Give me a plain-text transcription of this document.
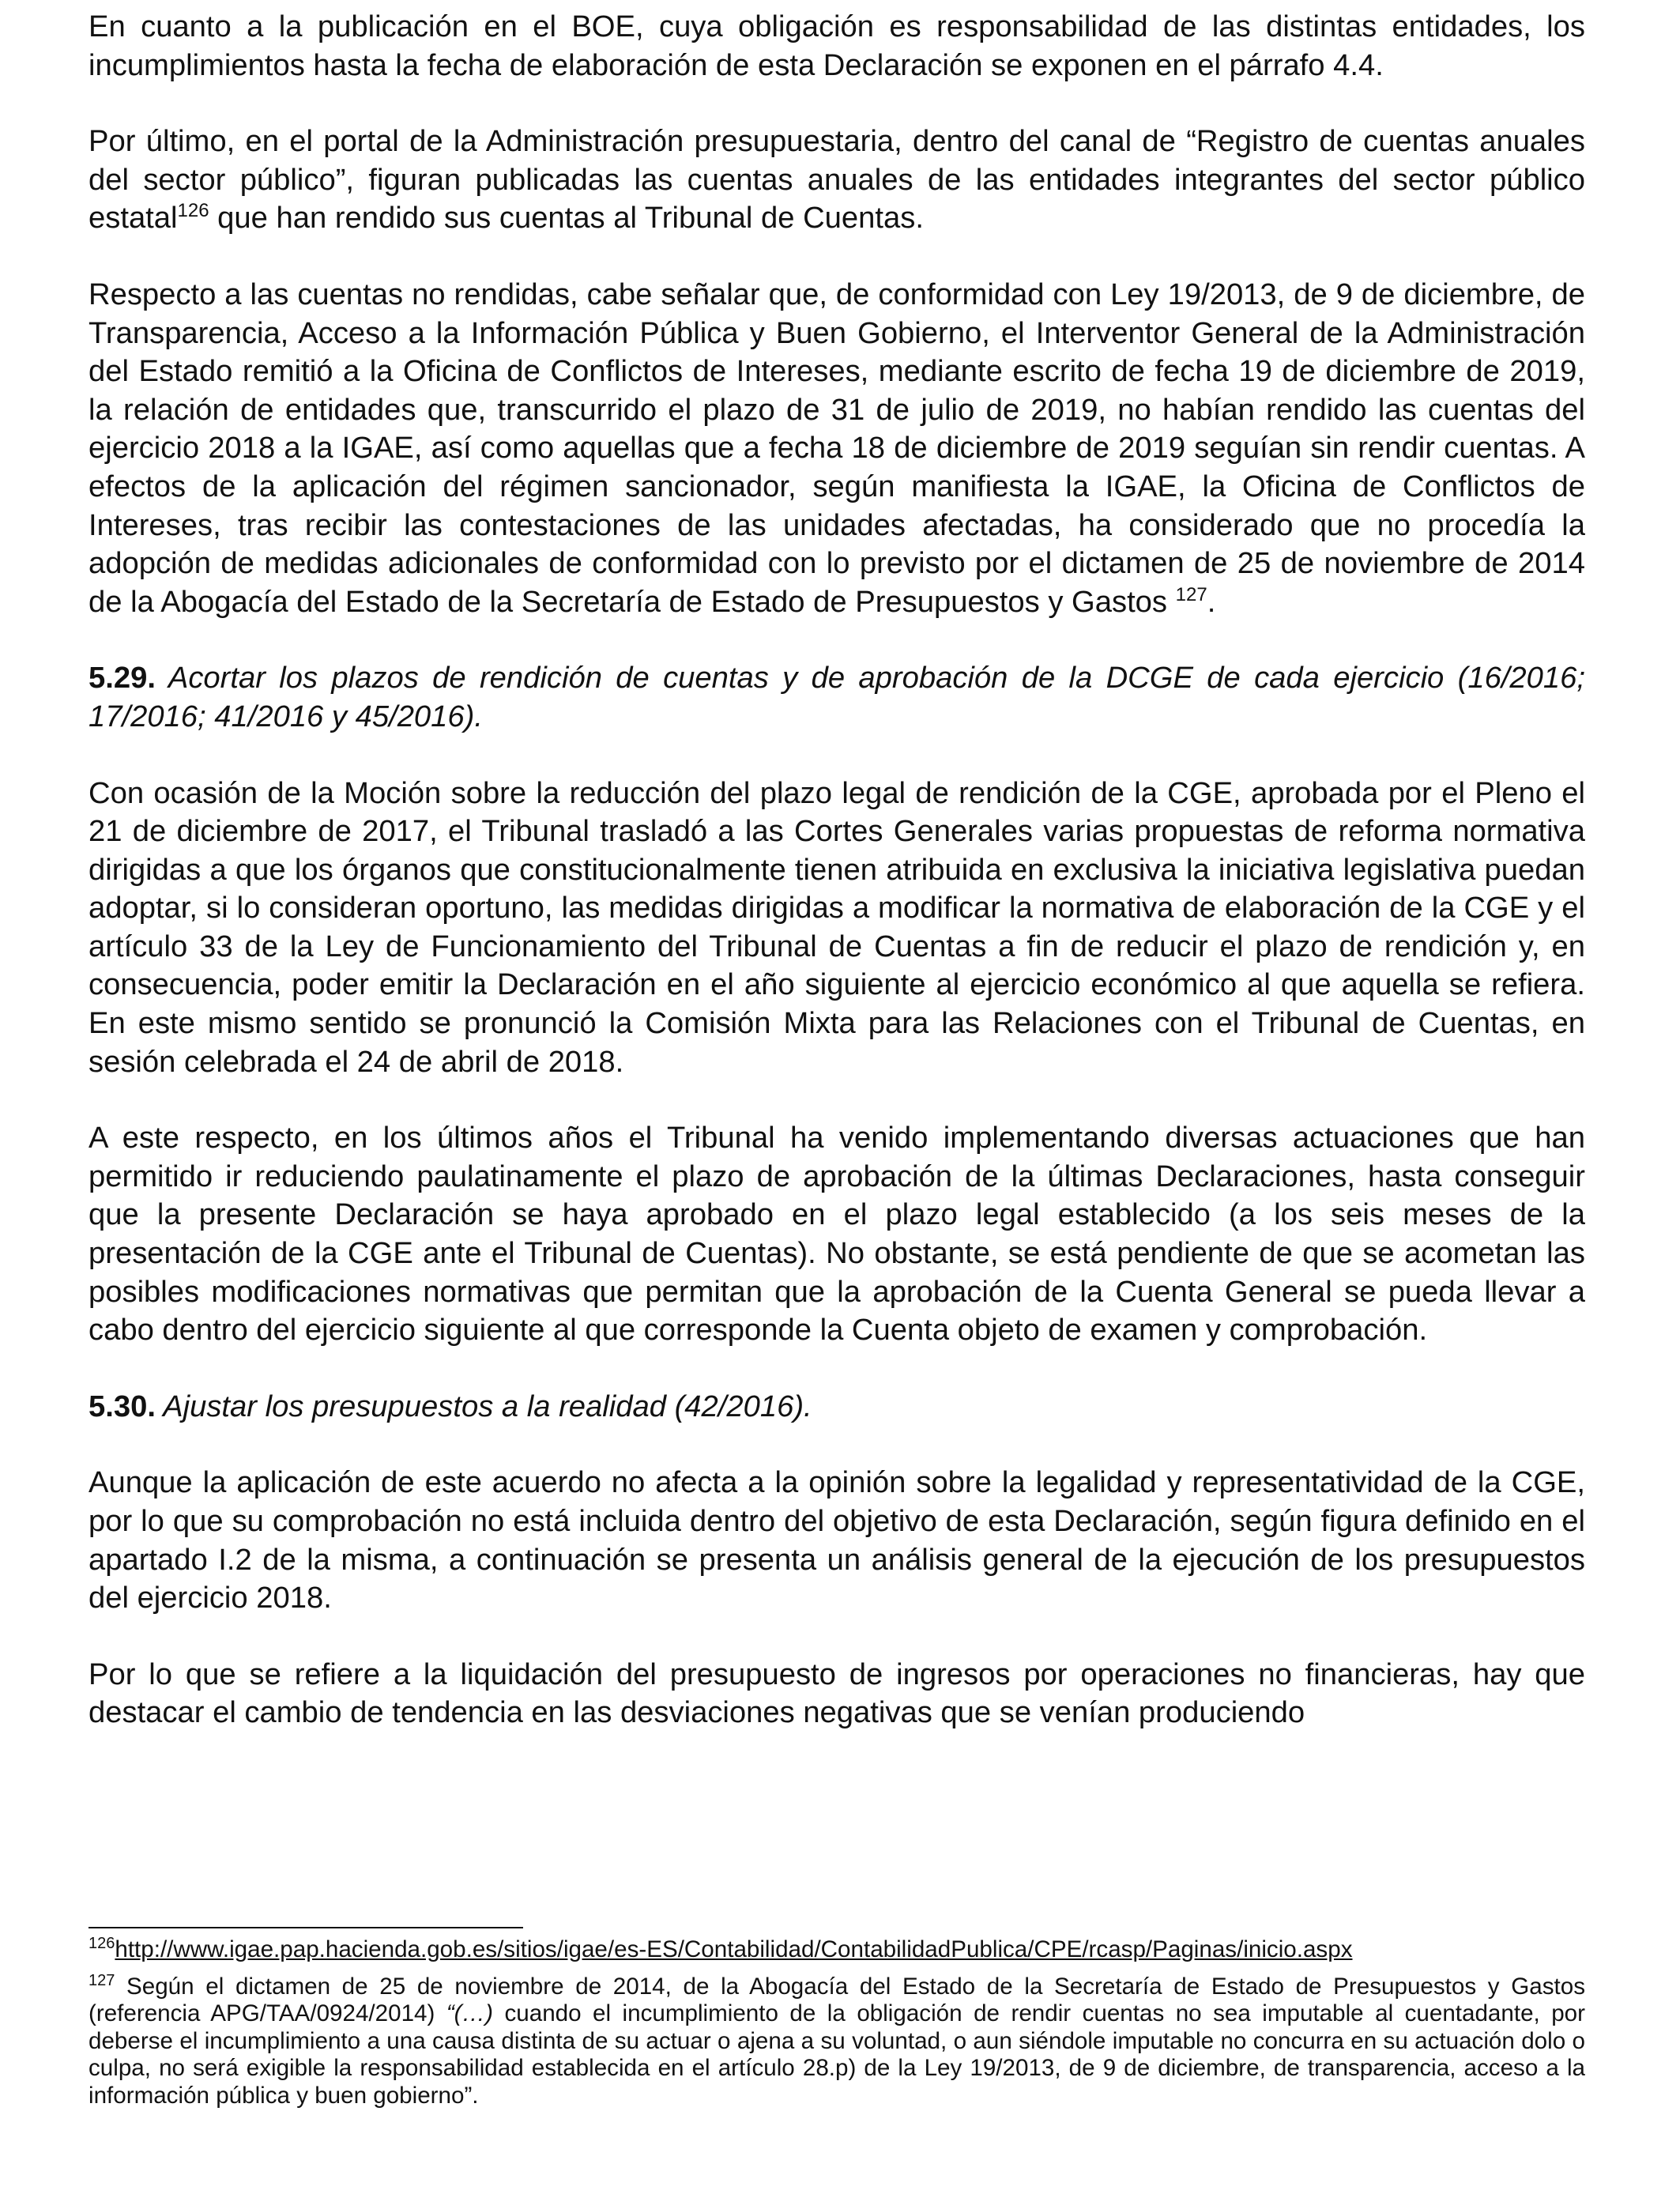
En cuanto a la publicación en el BOE, cuya obligación es responsabilidad de las distintas entidades, los incumplimientos hasta la fecha de elaboración de esta Declaración se exponen en el párrafo 4.4.

Por último, en el portal de la Administración presupuestaria, dentro del canal de “Registro de cuentas anuales del sector público”, figuran publicadas las cuentas anuales de las entidades integrantes del sector público estatal$^{126}$ que han rendido sus cuentas al Tribunal de Cuentas.

Respecto a las cuentas no rendidas, cabe señalar que, de conformidad con Ley 19/2013, de 9 de diciembre, de Transparencia, Acceso a la Información Pública y Buen Gobierno, el Interventor General de la Administración del Estado remitió a la Oficina de Conflictos de Intereses, mediante escrito de fecha 19 de diciembre de 2019, la relación de entidades que, transcurrido el plazo de 31 de julio de 2019, no habían rendido las cuentas del ejercicio 2018 a la IGAE, así como aquellas que a fecha 18 de diciembre de 2019 seguían sin rendir cuentas. A efectos de la aplicación del régimen sancionador, según manifiesta la IGAE, la Oficina de Conflictos de Intereses, tras recibir las contestaciones de las unidades afectadas, ha considerado que no procedía la adopción de medidas adicionales de conformidad con lo previsto por el dictamen de 25 de noviembre de 2014 de la Abogacía del Estado de la Secretaría de Estado de Presupuestos y Gastos $^{127}$.

5.29. Acortar los plazos de rendición de cuentas y de aprobación de la DCGE de cada ejercicio (16/2016; 17/2016; 41/2016 y 45/2016).

Con ocasión de la Moción sobre la reducción del plazo legal de rendición de la CGE, aprobada por el Pleno el 21 de diciembre de 2017, el Tribunal trasladó a las Cortes Generales varias propuestas de reforma normativa dirigidas a que los órganos que constitucionalmente tienen atribuida en exclusiva la iniciativa legislativa puedan adoptar, si lo consideran oportuno, las medidas dirigidas a modificar la normativa de elaboración de la CGE y el artículo 33 de la Ley de Funcionamiento del Tribunal de Cuentas a fin de reducir el plazo de rendición y, en consecuencia, poder emitir la Declaración en el año siguiente al ejercicio económico al que aquella se refiera. En este mismo sentido se pronunció la Comisión Mixta para las Relaciones con el Tribunal de Cuentas, en sesión celebrada el 24 de abril de 2018.

A este respecto, en los últimos años el Tribunal ha venido implementando diversas actuaciones que han permitido ir reduciendo paulatinamente el plazo de aprobación de la últimas Declaraciones, hasta conseguir que la presente Declaración se haya aprobado en el plazo legal establecido (a los seis meses de la presentación de la CGE ante el Tribunal de Cuentas). No obstante, se está pendiente de que se acometan las posibles modificaciones normativas que permitan que la aprobación de la Cuenta General se pueda llevar a cabo dentro del ejercicio siguiente al que corresponde la Cuenta objeto de examen y comprobación.

5.30. Ajustar los presupuestos a la realidad (42/2016).

Aunque la aplicación de este acuerdo no afecta a la opinión sobre la legalidad y representatividad de la CGE, por lo que su comprobación no está incluida dentro del objetivo de esta Declaración, según figura definido en el apartado I.2 de la misma, a continuación se presenta un análisis general de la ejecución de los presupuestos del ejercicio 2018.

Por lo que se refiere a la liquidación del presupuesto de ingresos por operaciones no financieras, hay que destacar el cambio de tendencia en las desviaciones negativas que se venían produciendo

$^{126}$http://www.igae.pap.hacienda.gob.es/sitios/igae/es-ES/Contabilidad/ContabilidadPublica/CPE/rcasp/Paginas/inicio.aspx

$^{127}$ Según el dictamen de 25 de noviembre de 2014, de la Abogacía del Estado de la Secretaría de Estado de Presupuestos y Gastos (referencia APG/TAA/0924/2014) “(…) cuando el incumplimiento de la obligación de rendir cuentas no sea imputable al cuentadante, por deberse el incumplimiento a una causa distinta de su actuar o ajena a su voluntad, o aun siéndole imputable no concurra en su actuación dolo o culpa, no será exigible la responsabilidad establecida en el artículo 28.p) de la Ley 19/2013, de 9 de diciembre, de transparencia, acceso a la información pública y buen gobierno”.
